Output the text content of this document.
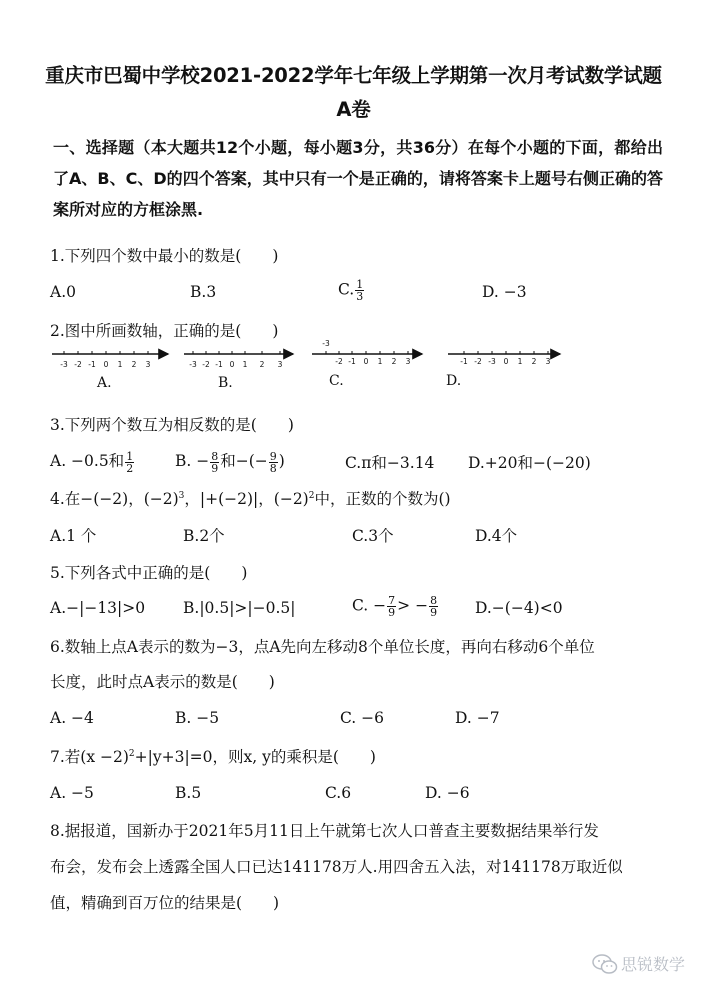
重庆市巴蜀中学校2021-2022学年七年级上学期第一次月考试数学试题
A卷
一、选择题（本大题共12个小题，每小题3分，共36分）在每个小题的下面，都给出了A、B、C、D的四个答案，其中只有一个是正确的，请将答案卡上题号右侧正确的答案所对应的方框涂黑.
1.下列四个数中最小的数是(　　)
A.0	B.3	C. $\frac{1}{3}$	D. −3
2.图中所画数轴，正确的是(　　)
-3 -2 -1 0 1 2 3	-3 -2 -1 0 1 2 3
-3
-2 -1 0 1 2 3	-1 -2 -3 0 1 2 3
A.	B.	C.	D.
3.下列两个数互为相反数的是(　　)
A. −0.5和 $\frac{1}{2}$	B. − $\frac{8}{9}$ 和−(− $\frac{9}{8}$ )	C.π和−3.14 D.+20和−(−20)
4.在−(−2)，$(-2)^3$，|+(−2)|，$(-2)^2$中，正数的个数为()
A.1 个	B.2个	C.3个	D.4个
5.下列各式中正确的是(　　)
A.−|−13|>0 B.|0.5|>|−0.5|	C. − $\frac{7}{9}$ > − $\frac{8}{9} D.-(-4)<0$
6.数轴上点A表示的数为−3，点A先向左移动8个单位长度，再向右移动6个单位
长度，此时点A表示的数是(　　)
A. −4	B. −5	C. −6	D. −7
7.若$(x -2)^2+|y+3|=0$，则x, y的乘积是(　　)
A. −5	B.5	C.6	D. −6
8.据报道，国新办于2021年5月11日上午就第七次人口普查主要数据结果举行发
布会，发布会上透露全国人口已达141178万人.用四舍五入法，对141178万取近似
值，精确到百万位的结果是(　　)
思锐数学
